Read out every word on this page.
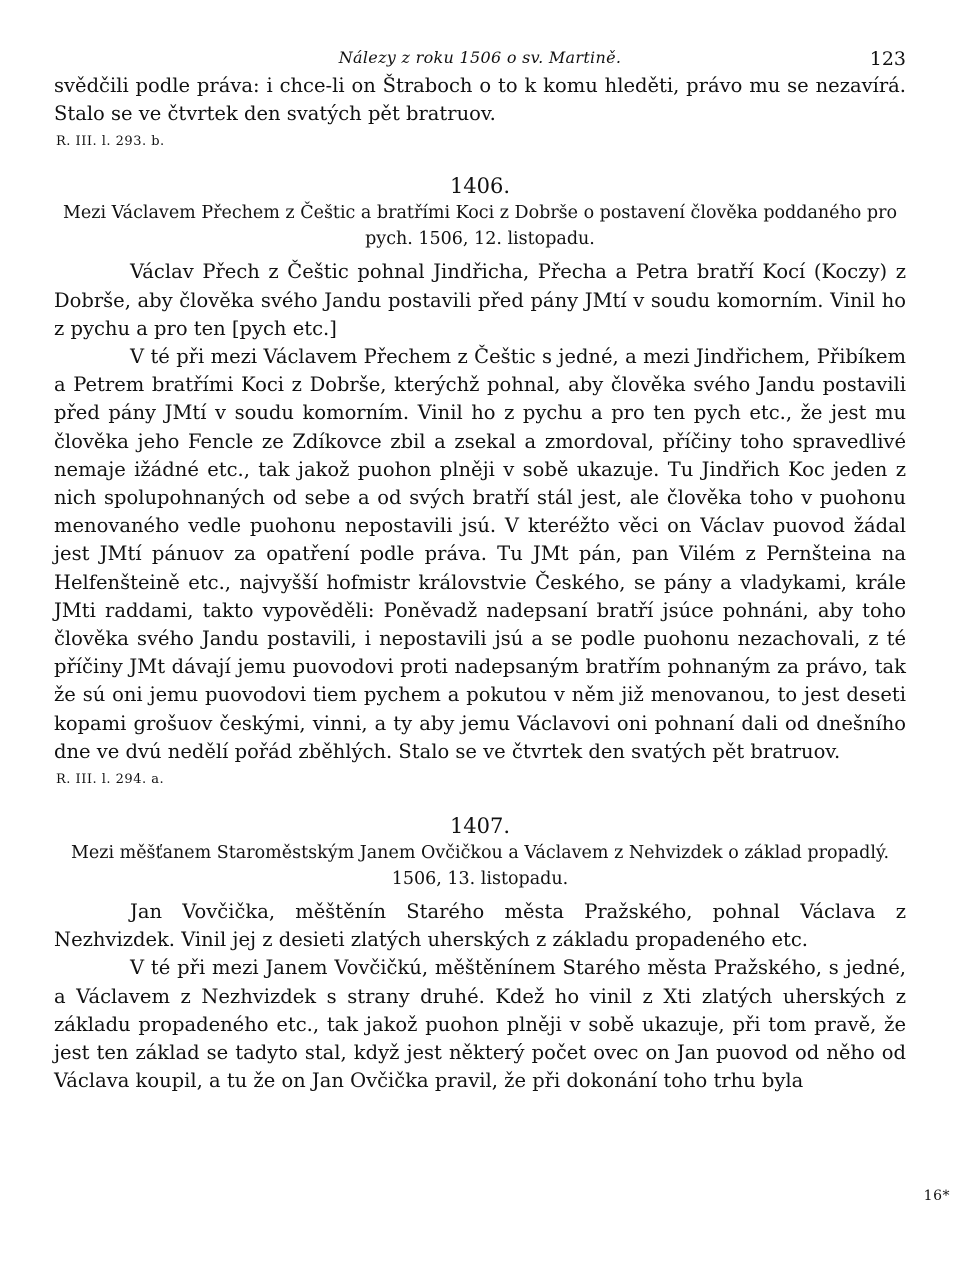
Nálezy z roku 1506 o sv. Martině.	123

svědčili podle práva: i chce-li on Štraboch o to k komu hleděti, právo mu se nezavírá. Stalo se ve čtvrtek den svatých pět bratruov.

R. III. l. 293. b.
1406.
Mezi Václavem Přechem z Češtic a bratřími Koci z Dobrše o postavení člověka poddaného pro pych. 1506, 12. listopadu.

Václav Přech z Češtic pohnal Jindřicha, Přecha a Petra bratří Kocí (Koczy) z Dobrše, aby člověka svého Jandu postavili před pány JMtí v soudu komorním. Vinil ho z pychu a pro ten [pych etc.]

V té při mezi Václavem Přechem z Češtic s jedné, a mezi Jindřichem, Přibíkem a Petrem bratřími Koci z Dobrše, kterýchž pohnal, aby člověka svého Jandu postavili před pány JMtí v soudu komorním. Vinil ho z pychu a pro ten pych etc., že jest mu člověka jeho Fencle ze Zdíkovce zbil a zsekal a zmordoval, příčiny toho spravedlivé nemaje ižádné etc., tak jakož puohon plněji v sobě ukazuje. Tu Jindřich Koc jeden z nich spolupohnaných od sebe a od svých bratří stál jest, ale člověka toho v puohonu menovaného vedle puohonu nepostavili jsú. V kteréžto věci on Václav puovod žádal jest JMtí pánuov za opatření podle práva. Tu JMt pán, pan Vilém z Pernšteina na Helfenšteině etc., najvyšší hofmistr královstvie Českého, se pány a vladykami, krále JMti raddami, takto vypověděli: Poněvadž nadepsaní bratří jsúce pohnáni, aby toho člověka svého Jandu postavili, i nepostavili jsú a se podle puohonu nezachovali, z té příčiny JMt dávají jemu puovodovi proti nadepsaným bratřím pohnaným za právo, tak že sú oni jemu puovodovi tiem pychem a pokutou v něm již menovanou, to jest deseti kopami grošuov českými, vinni, a ty aby jemu Václavovi oni pohnaní dali od dnešního dne ve dvú nedělí pořád zběhlých. Stalo se ve čtvrtek den svatých pět bratruov.

R. III. l. 294. a.
1407.
Mezi měšťanem Staroměstským Janem Ovčičkou a Václavem z Nehvizdek o základ propadlý. 1506, 13. listopadu.

Jan Vovčička, měštěnín Starého města Pražského, pohnal Václava z Nezhvizdek. Vinil jej z desieti zlatých uherských z základu propadeného etc.

V té při mezi Janem Vovčičkú, měštěnínem Starého města Pražského, s jedné, a Václavem z Nezhvizdek s strany druhé. Kdež ho vinil z Xti zlatých uherských z základu propadeného etc., tak jakož puohon plněji v sobě ukazuje, při tom pravě, že jest ten základ se tadyto stal, když jest některý počet ovec on Jan puovod od něho od Václava koupil, a tu že on Jan Ovčička pravil, že při dokonání toho trhu byla

16*
